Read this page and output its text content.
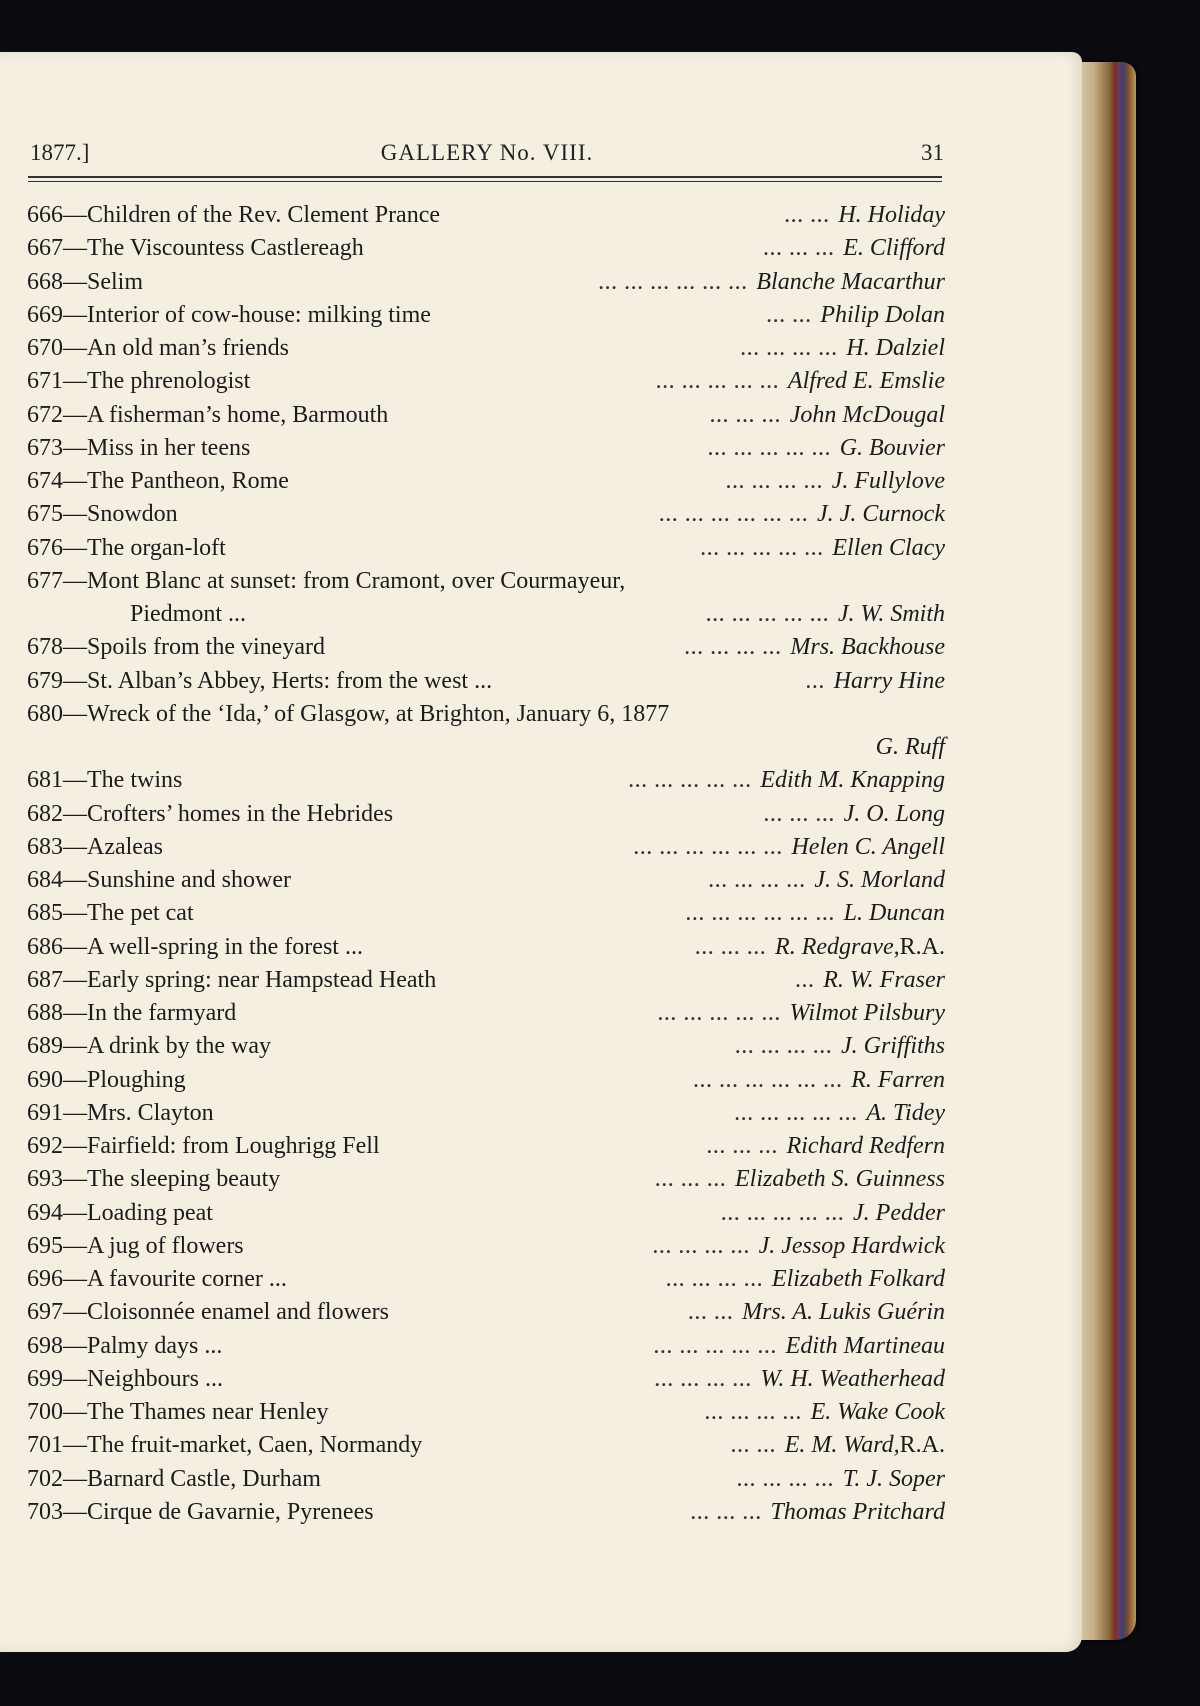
1877.]	GALLERY No. VIII.	31
666 — Children of the Rev. Clement Prance	... ... H. Holiday
667 — The Viscountess Castlereagh	... ... ... E. Clifford
668 — Selim	... ... ... ... ... ... Blanche Macarthur
669 — Interior of cow-house: milking time	... ... Philip Dolan
670 — An old man’s friends	... ... ... ... H. Dalziel
671 — The phrenologist	... ... ... ... ... Alfred E. Emslie
672 — A fisherman’s home, Barmouth	... ... ... John McDougal
673 — Miss in her teens	... ... ... ... ... G. Bouvier
674 — The Pantheon, Rome	... ... ... ... J. Fullylove
675 — Snowdon	... ... ... ... ... ... J. J. Curnock
676 — The organ-loft	... ... ... ... ... Ellen Clacy
677 — Mont Blanc at sunset: from Cramont, over Courmayeur,
Piedmont ...	... ... ... ... ... J. W. Smith
678 — Spoils from the vineyard	... ... ... ... Mrs. Backhouse
679 — St. Alban’s Abbey, Herts: from the west ...	... Harry Hine
680 — Wreck of the ‘Ida,’ of Glasgow, at Brighton, January 6, 1877
G. Ruff
681 — The twins	... ... ... ... ... Edith M. Knapping
682 — Crofters’ homes in the Hebrides	... ... ... J. O. Long
683 — Azaleas	... ... ... ... ... ... Helen C. Angell
684 — Sunshine and shower	... ... ... ... J. S. Morland
685 — The pet cat	... ... ... ... ... ... L. Duncan
686 — A well-spring in the forest ...	... ... ... R. Redgrave, R.A.
687 — Early spring: near Hampstead Heath	... R. W. Fraser
688 — In the farmyard	... ... ... ... ... Wilmot Pilsbury
689 — A drink by the way	... ... ... ... J. Griffiths
690 — Ploughing	... ... ... ... ... ... R. Farren
691 — Mrs. Clayton	... ... ... ... ... A. Tidey
692 — Fairfield: from Loughrigg Fell	... ... ... Richard Redfern
693 — The sleeping beauty	... ... ... Elizabeth S. Guinness
694 — Loading peat	... ... ... ... ... J. Pedder
695 — A jug of flowers	... ... ... ... J. Jessop Hardwick
696 — A favourite corner ...	... ... ... ... Elizabeth Folkard
697 — Cloisonnée enamel and flowers	... ... Mrs. A. Lukis Guérin
698 — Palmy days ...	... ... ... ... ... Edith Martineau
699 — Neighbours ...	... ... ... ... W. H. Weatherhead
700 — The Thames near Henley	... ... ... ... E. Wake Cook
701 — The fruit-market, Caen, Normandy	... ... E. M. Ward, R.A.
702 — Barnard Castle, Durham	... ... ... ... T. J. Soper
703 — Cirque de Gavarnie, Pyrenees	... ... ... Thomas Pritchard
